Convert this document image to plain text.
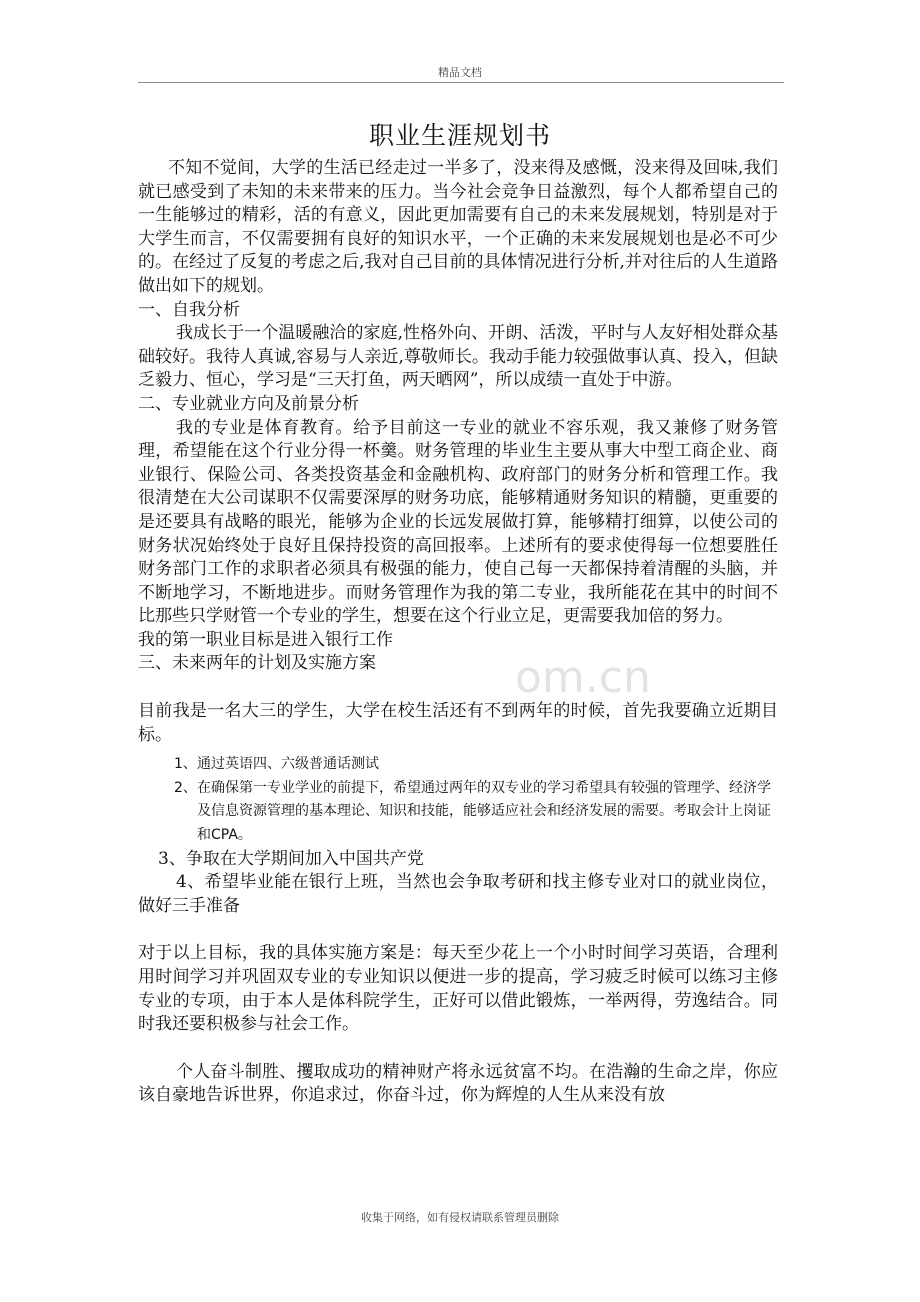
精品文档
职业生涯规划书
om.cn

不知不觉间，大学的生活已经走过一半多了，没来得及感慨，没来得及回味,我们就已感受到了未知的未来带来的压力。当今社会竞争日益激烈，每个人都希望自己的一生能够过的精彩，活的有意义，因此更加需要有自己的未来发展规划，特别是对于大学生而言，不仅需要拥有良好的知识水平，一个正确的未来发展规划也是必不可少的。在经过了反复的考虑之后,我对自己目前的具体情况进行分析,并对往后的人生道路做出如下的规划。

一、自我分析

我成长于一个温暖融洽的家庭,性格外向、开朗、活泼，平时与人友好相处群众基础较好。我待人真诚,容易与人亲近,尊敬师长。我动手能力较强做事认真、投入，但缺乏毅力、恒心，学习是“三天打鱼，两天晒网”，所以成绩一直处于中游。

二、专业就业方向及前景分析

我的专业是体育教育。给予目前这一专业的就业不容乐观，我又兼修了财务管理，希望能在这个行业分得一杯羹。财务管理的毕业生主要从事大中型工商企业、商业银行、保险公司、各类投资基金和金融机构、政府部门的财务分析和管理工作。我很清楚在大公司谋职不仅需要深厚的财务功底，能够精通财务知识的精髓，更重要的是还要具有战略的眼光，能够为企业的长远发展做打算，能够精打细算，以使公司的财务状况始终处于良好且保持投资的高回报率。上述所有的要求使得每一位想要胜任财务部门工作的求职者必须具有极强的能力，使自己每一天都保持着清醒的头脑，并不断地学习，不断地进步。而财务管理作为我的第二专业，我所能花在其中的时间不比那些只学财管一个专业的学生，想要在这个行业立足，更需要我加倍的努力。

我的第一职业目标是进入银行工作

三、未来两年的计划及实施方案

目前我是一名大三的学生，大学在校生活还有不到两年的时候，首先我要确立近期目标。

1、 通过英语四、六级普通话测试
2、 在确保第一专业学业的前提下，希望通过两年的双专业的学习希望具有较强的管理学、经济学及信息资源管理的基本理论、知识和技能，能够适应社会和经济发展的需要。考取会计上岗证和CPA。

3、争取在大学期间加入中国共产党

4、希望毕业能在银行上班，当然也会争取考研和找主修专业对口的就业岗位，做好三手准备

对于以上目标，我的具体实施方案是：每天至少花上一个小时时间学习英语，合理利用时间学习并巩固双专业的专业知识以便进一步的提高，学习疲乏时候可以练习主修专业的专项，由于本人是体科院学生，正好可以借此锻炼，一举两得，劳逸结合。同时我还要积极参与社会工作。

个人奋斗制胜、攫取成功的精神财产将永远贫富不均。在浩瀚的生命之岸，你应该自豪地告诉世界，你追求过，你奋斗过，你为辉煌的人生从来没有放

收集于网络，如有侵权请联系管理员删除
